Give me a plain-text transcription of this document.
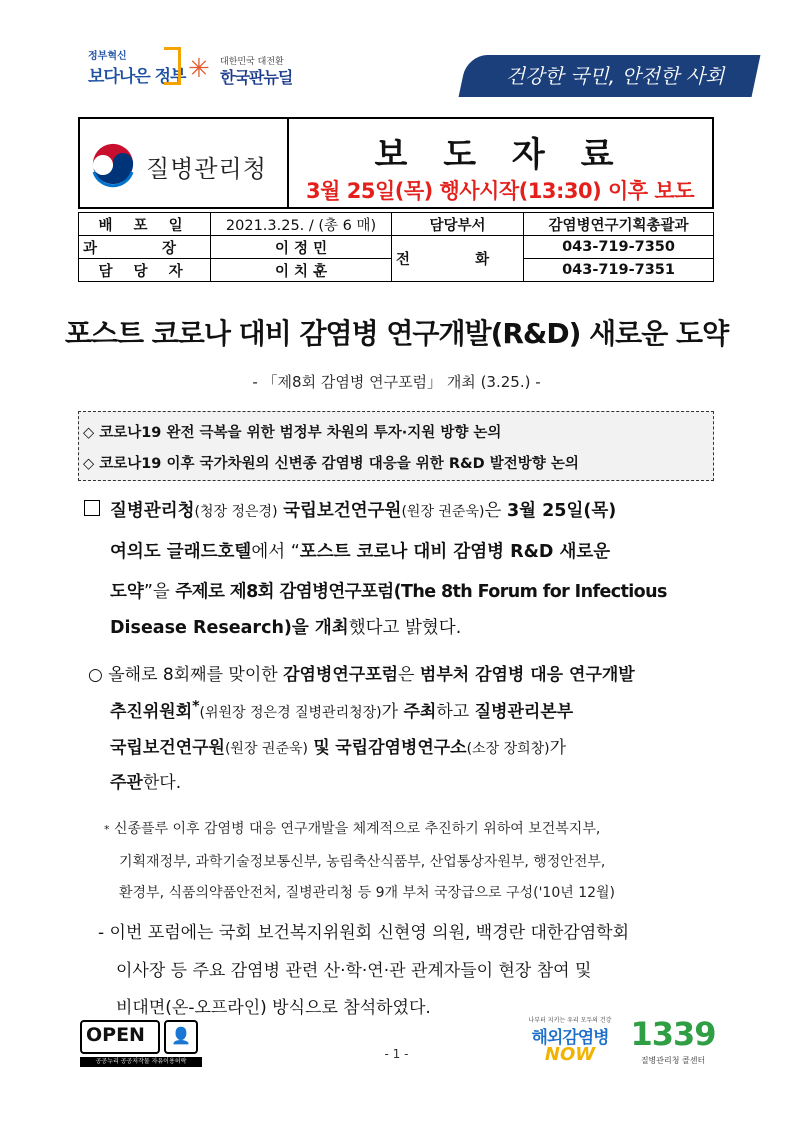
정부혁신
보다나은 정부 ✳ 대한민국 대전환
한국판뉴딜	건강한 국민, 안전한 사회
질병관리청	보 도 자 료
3월 25일(목) 행사시작(13:30) 이후 보도
배 포 일	2021.3.25. / (총 6 매)	담당부서	감염병연구기획총괄과
과 장	이 정 민	전 화	043-719-7350
담 당 자	이 치 훈		043-719-7351
포스트 코로나 대비 감염병 연구개발(R&D) 새로운 도약
- 「제8회 감염병 연구포럼」 개최 (3.25.) -
◇ 코로나19 완전 극복을 위한 범정부 차원의 투자·지원 방향 논의
◇ 코로나19 이후 국가차원의 신변종 감염병 대응을 위한 R&D 발전방향 논의
질병관리청(청장 정은경) 국립보건연구원(원장 권준욱)은 3월 25일(목)
여의도 글래드호텔에서 “포스트 코로나 대비 감염병 R&D 새로운
도약”을 주제로 제8회 감염병연구포럼(The 8th Forum for Infectious
Disease Research)을 개최했다고 밝혔다.
○ 올해로 8회째를 맞이한 감염병연구포럼은 범부처 감염병 대응 연구개발
추진위원회*(위원장 정은경 질병관리청장)가 주최하고 질병관리본부
국립보건연구원(원장 권준욱) 및 국립감염병연구소(소장 장희창)가
주관한다.
* 신종플루 이후 감염병 대응 연구개발을 체계적으로 추진하기 위하여 보건복지부,
기획재정부, 과학기술정보통신부, 농림축산식품부, 산업통상자원부, 행정안전부,
환경부, 식품의약품안전처, 질병관리청 등 9개 부처 국장급으로 구성('10년 12월)
- 이번 포럼에는 국회 보건복지위원회 신현영 의원, 백경란 대한감염학회
이사장 등 주요 감염병 관련 산·학·연·관 관계자들이 현장 참여 및
비대면(온-오프라인) 방식으로 참석하였다.
OPEN	👤
공공누리 공공저작물 자유이용허락
- 1 -
나부터 지키는 우리 모두의 건강
해외감염병
NOW
1339
질병관리청 콜센터
